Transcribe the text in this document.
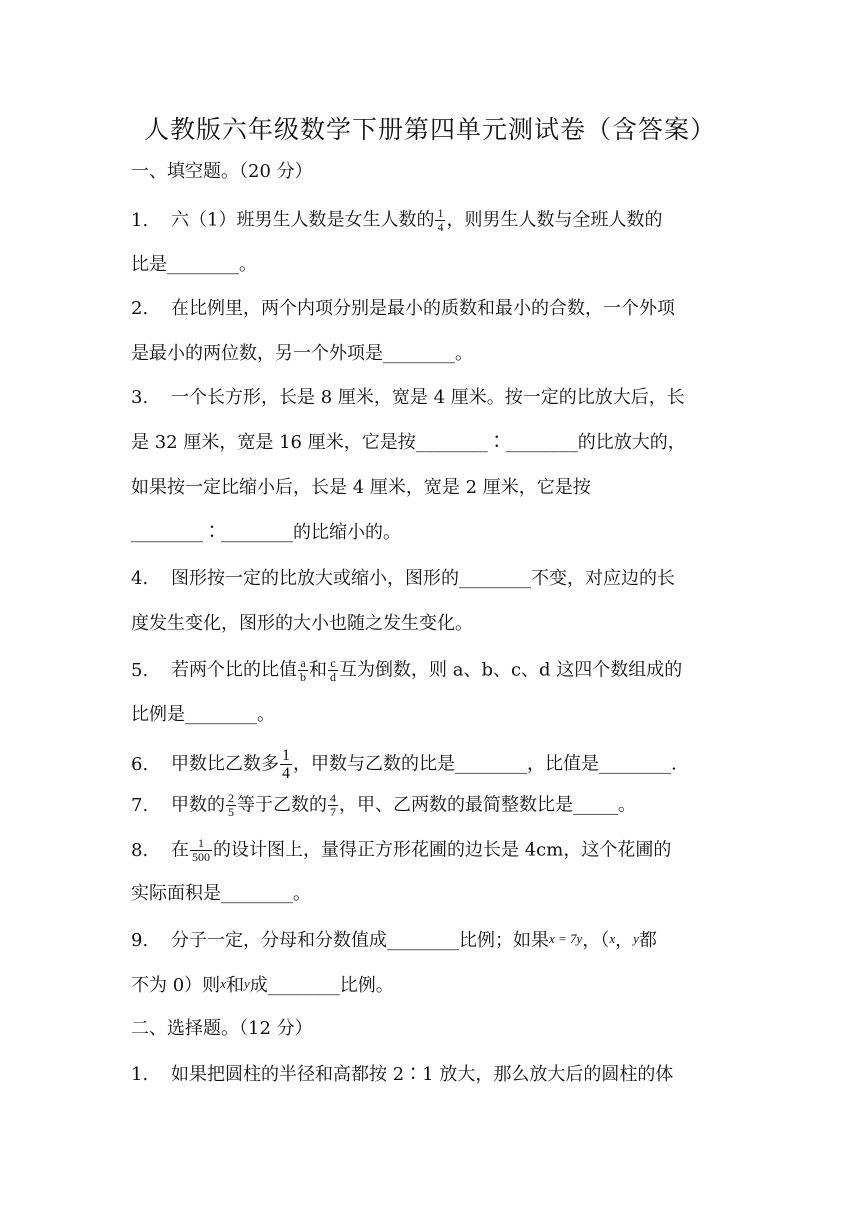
人教版六年级数学下册第四单元测试卷（含答案）
一、填空题。（20 分）
1. 六（1）班男生人数是女生人数的 $\frac{1}{4}$ ，则男生人数与全班人数的
比是________。
2. 在比例里，两个内项分别是最小的质数和最小的合数，一个外项
是最小的两位数，另一个外项是________。
3. 一个长方形，长是 8 厘米，宽是 4 厘米。按一定的比放大后，长
是 32 厘米，宽是 16 厘米，它是按________∶________的比放大的，
如果按一定比缩小后，长是 4 厘米，宽是 2 厘米，它是按
________∶________的比缩小的。
4. 图形按一定的比放大或缩小，图形的________不变，对应边的长
度发生变化，图形的大小也随之发生变化。
5. 若两个比的比值 $\frac{a}{b}$ 和 $\frac{c}{d}$ 互为倒数，则 a、b、c、d 这四个数组成的
比例是________。
6. 甲数比乙数多 $\frac{1}{4}$ ，甲数与乙数的比是________，比值是________.
7. 甲数的 $\frac{2}{5}$ 等于乙数的 $\frac{4}{7}$ ，甲、乙两数的最简整数比是_____。
8. 在 $\frac{1}{500}$ 的设计图上，量得正方形花圃的边长是 4cm，这个花圃的
实际面积是________。
9. 分子一定，分母和分数值成________比例；如果x = 7y，（x，y都
不为 0）则x和y成________比例。
二、选择题。（12 分）
1. 如果把圆柱的半径和高都按 2∶1 放大，那么放大后的圆柱的体
